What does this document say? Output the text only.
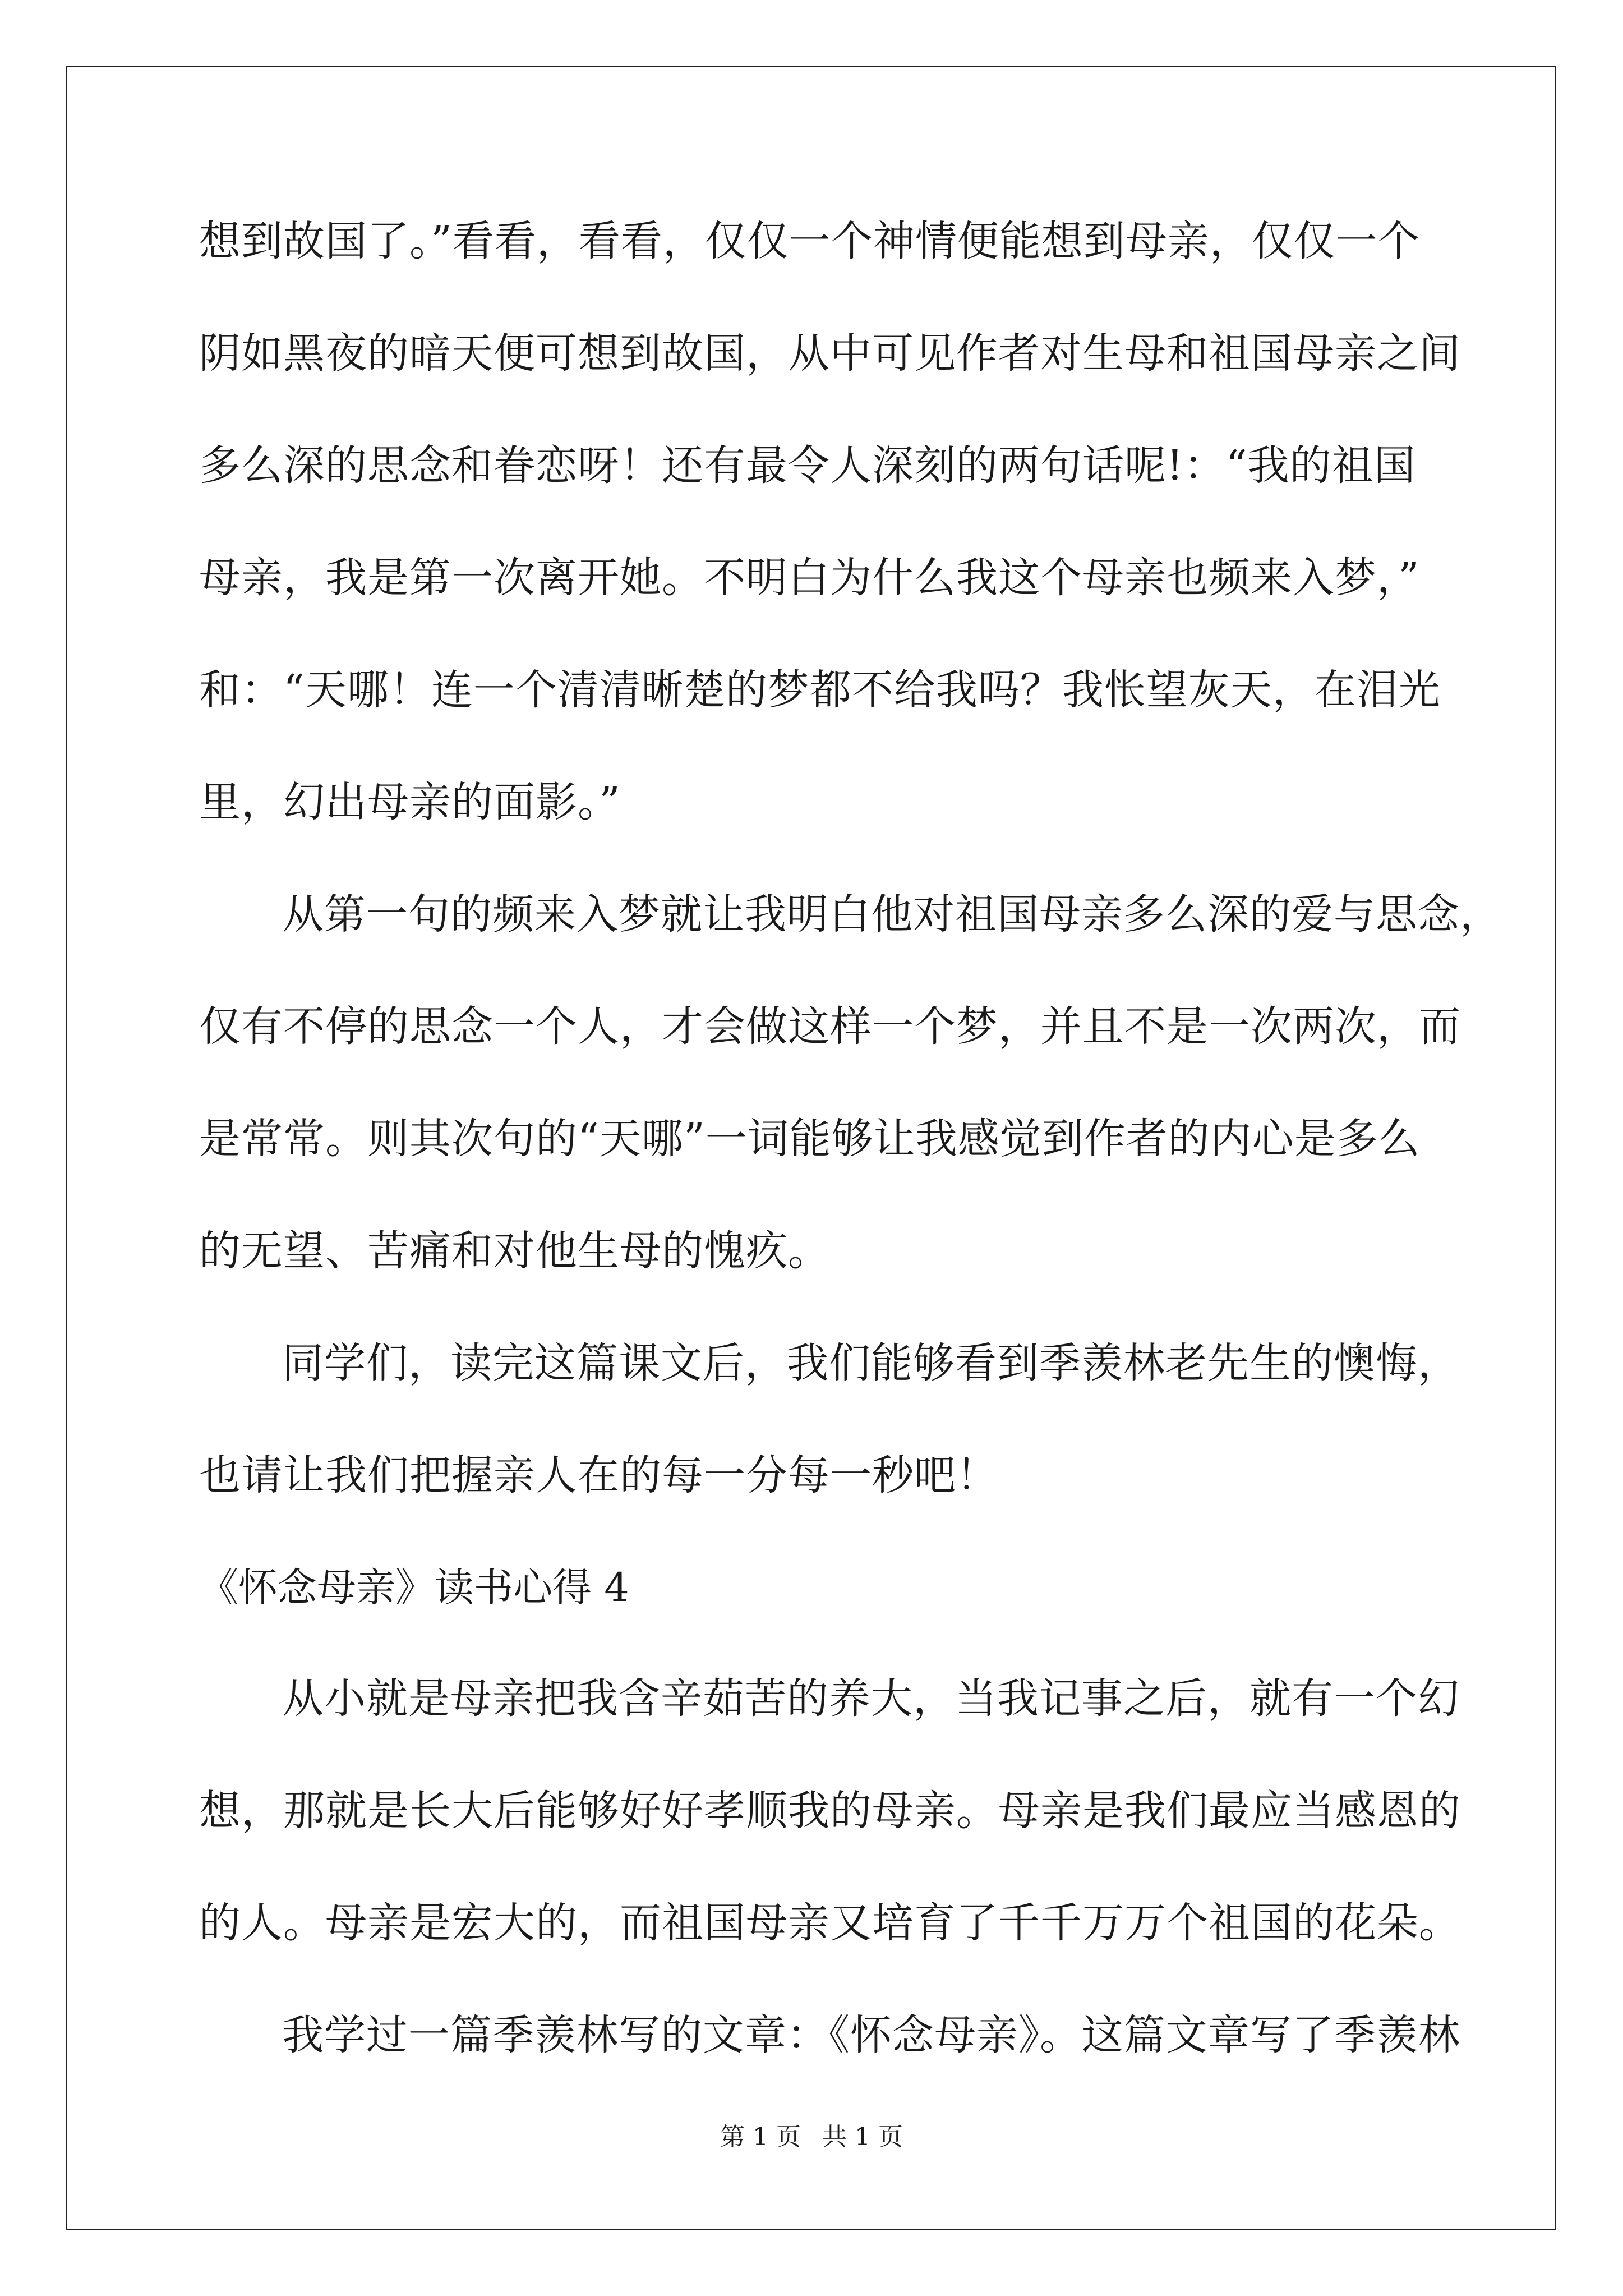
想到故国了。”看看，看看，仅仅一个神情便能想到母亲，仅仅一个
阴如黑夜的暗天便可想到故国，从中可见作者对生母和祖国母亲之间
多么深的思念和眷恋呀！还有最令人深刻的两句话呢!：“我的祖国
母亲，我是第一次离开她。不明白为什么我这个母亲也频来入梦，”
和：“天哪！连一个清清晰楚的梦都不给我吗？我怅望灰天，在泪光
里，幻出母亲的面影。”
从第一句的频来入梦就让我明白他对祖国母亲多么深的爱与思念，
仅有不停的思念一个人，才会做这样一个梦，并且不是一次两次，而
是常常。则其次句的“天哪”一词能够让我感觉到作者的内心是多么
的无望、苦痛和对他生母的愧疚。
同学们，读完这篇课文后，我们能够看到季羡林老先生的懊悔，
也请让我们把握亲人在的每一分每一秒吧！
《怀念母亲》读书心得 4
从小就是母亲把我含辛茹苦的养大，当我记事之后，就有一个幻
想，那就是长大后能够好好孝顺我的母亲。母亲是我们最应当感恩的
的人。母亲是宏大的，而祖国母亲又培育了千千万万个祖国的花朵。
我学过一篇季羡林写的文章：《怀念母亲》。这篇文章写了季羡林
第 1 页 共 1 页
